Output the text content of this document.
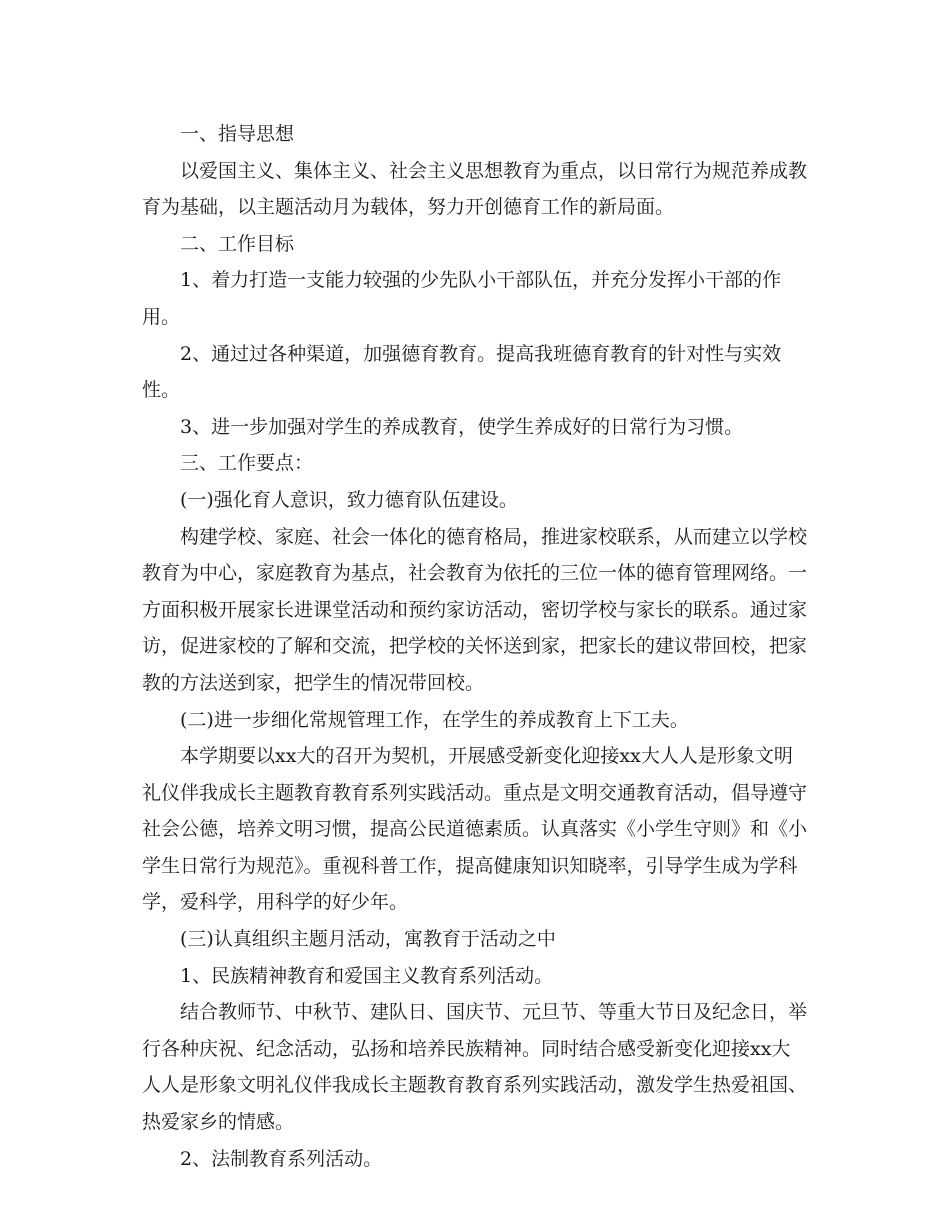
一、指导思想

以爱国主义、集体主义、社会主义思想教育为重点，以日常行为规范养成教育为基础，以主题活动月为载体，努力开创德育工作的新局面。

二、工作目标

1、着力打造一支能力较强的少先队小干部队伍，并充分发挥小干部的作用。

2、通过过各种渠道，加强德育教育。提高我班德育教育的针对性与实效性。

3、进一步加强对学生的养成教育，使学生养成好的日常行为习惯。

三、工作要点：

(一)强化育人意识，致力德育队伍建设。

构建学校、家庭、社会一体化的德育格局，推进家校联系，从而建立以学校教育为中心，家庭教育为基点，社会教育为依托的三位一体的德育管理网络。一方面积极开展家长进课堂活动和预约家访活动，密切学校与家长的联系。通过家访，促进家校的了解和交流，把学校的关怀送到家，把家长的建议带回校，把家教的方法送到家，把学生的情况带回校。

(二)进一步细化常规管理工作，在学生的养成教育上下工夫。

本学期要以xx大的召开为契机，开展感受新变化迎接xx大人人是形象文明礼仪伴我成长主题教育教育系列实践活动。重点是文明交通教育活动，倡导遵守社会公德，培养文明习惯，提高公民道德素质。认真落实《小学生守则》和《小学生日常行为规范》。重视科普工作，提高健康知识知晓率，引导学生成为学科学，爱科学，用科学的好少年。

(三)认真组织主题月活动，寓教育于活动之中

1、民族精神教育和爱国主义教育系列活动。

结合教师节、中秋节、建队日、国庆节、元旦节、等重大节日及纪念日，举行各种庆祝、纪念活动，弘扬和培养民族精神。同时结合感受新变化迎接xx大人人是形象文明礼仪伴我成长主题教育教育系列实践活动，激发学生热爱祖国、热爱家乡的情感。

2、法制教育系列活动。
